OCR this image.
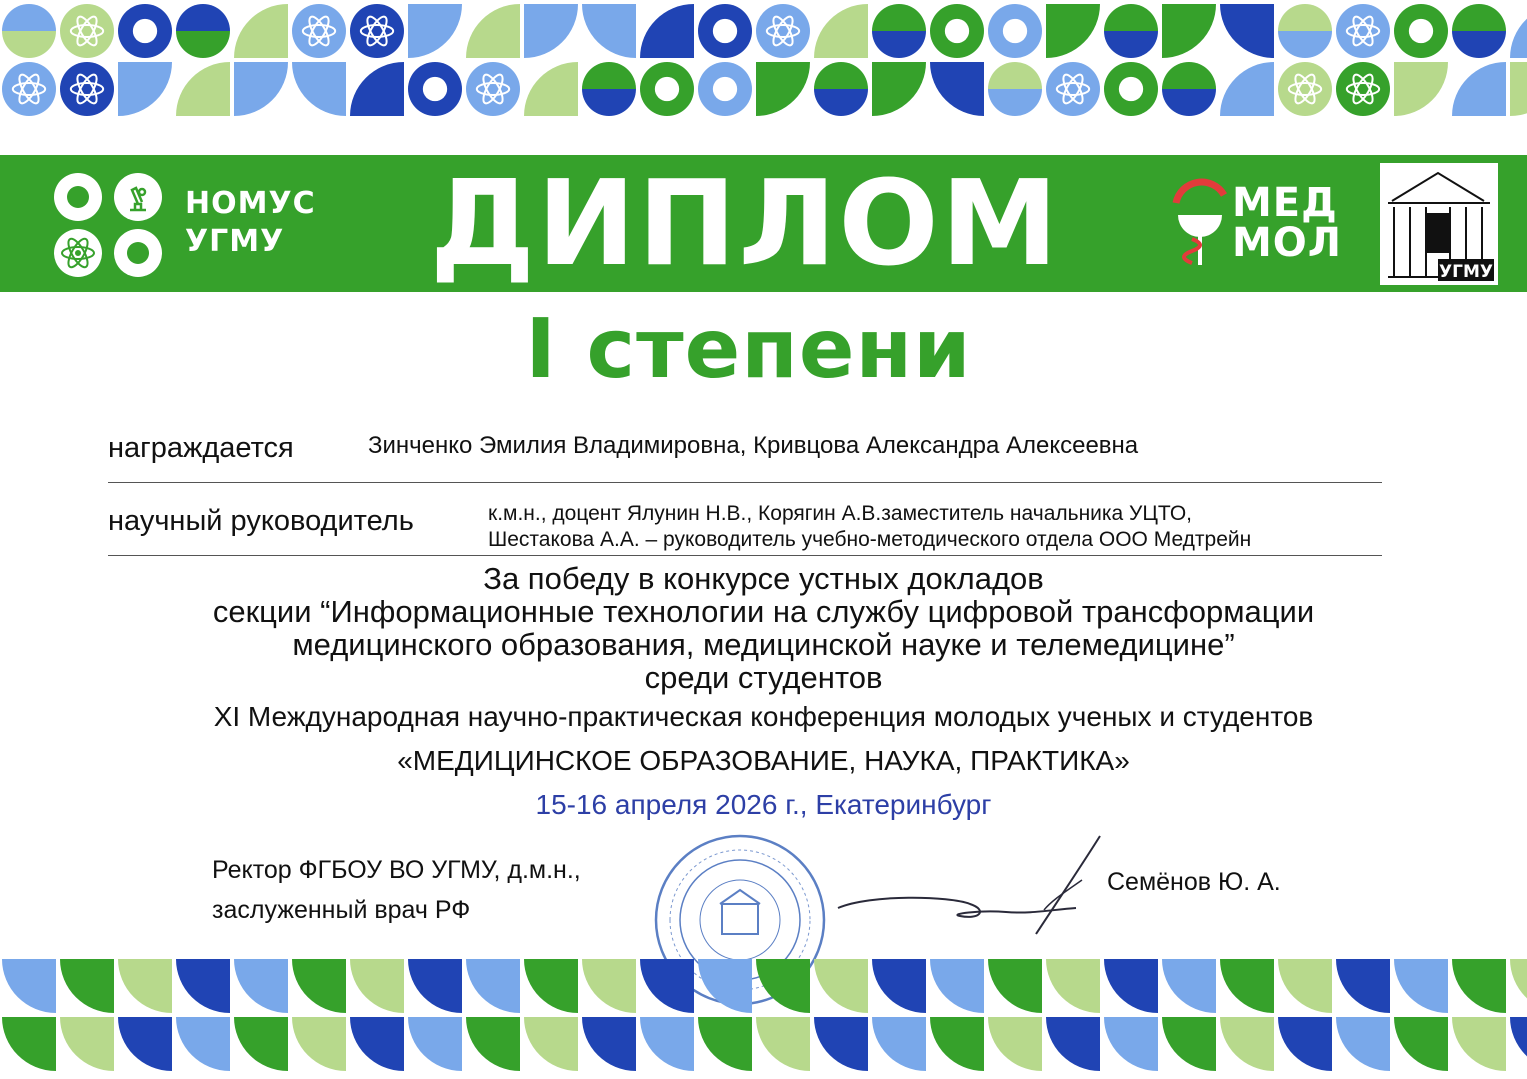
НОМУС
УГМУ ДИПЛОМ	МЕД
МОЛ
УГМУ
I степени
награждается	Зинченко Эмилия Владимировна, Кривцова Александра Алексеевна
научный руководитель	к.м.н., доцент Ялунин Н.В., Корягин А.В.заместитель начальника УЦТО,
Шестакова А.А. – руководитель учебно-методического отдела ООО Медтрейн
За победу в конкурсе устных докладов
секции “Информационные технологии на службу цифровой трансформации
медицинского образования, медицинской науке и телемедицине”
среди студентов
XI Международная научно-практическая конференция молодых ученых и студентов
«МЕДИЦИНСКОЕ ОБРАЗОВАНИЕ, НАУКА, ПРАКТИКА»
15-16 апреля 2026 г., Екатеринбург
Ректор ФГБОУ ВО УГМУ, д.м.н.,
заслуженный врач РФ
Семёнов Ю. А.
